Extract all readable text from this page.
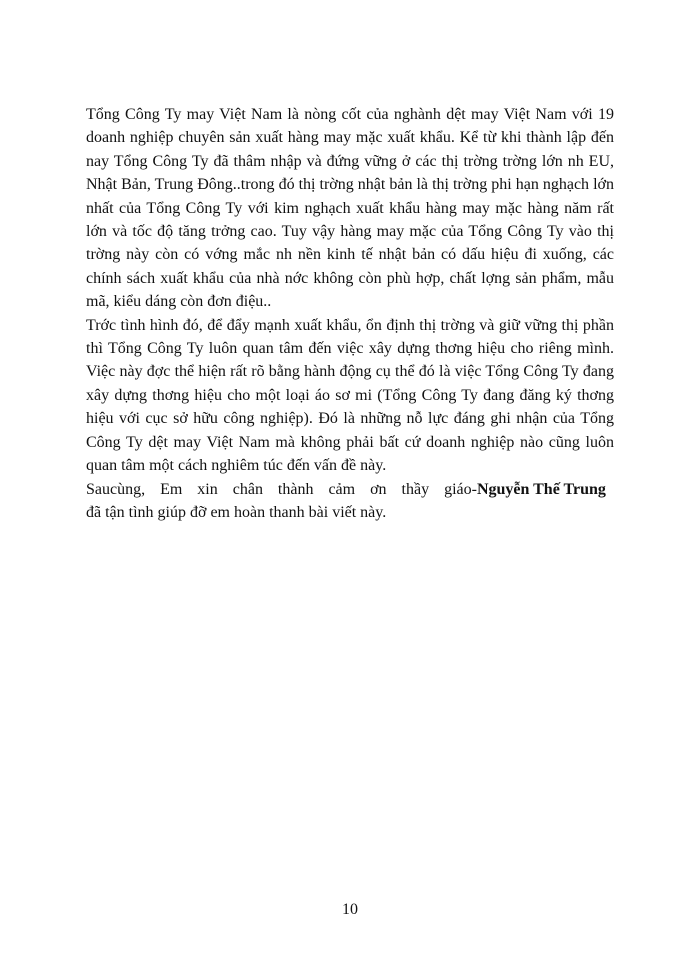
Tổng Công Ty may Việt Nam là nòng cốt của nghành dệt may Việt Nam với 19 doanh nghiệp chuyên sản xuất hàng may mặc xuất khẩu. Kể từ khi thành lập đến nay Tổng Công Ty đã thâm nhập và đứng vững ở các thị trờng trờng lớn nh EU, Nhật Bản, Trung Đông..trong đó thị trờng nhật bản là thị trờng phi hạn nghạch lớn nhất của Tổng Công Ty với kim nghạch xuất khẩu hàng may mặc hàng năm rất lớn và tốc độ tăng trởng cao. Tuy vậy hàng may mặc của Tổng Công Ty vào thị trờng này còn có vớng mắc nh nền kinh tế nhật bản có dấu hiệu đi xuống, các chính sách xuất khẩu của nhà nớc không còn phù hợp, chất lợng sản phẩm, mẫu mã, kiểu dáng còn đơn điệu..

Trớc tình hình đó, để đẩy mạnh xuất khẩu, ổn định thị trờng và giữ vững thị phần thì Tổng Công Ty luôn quan tâm đến việc xây dựng thơng hiệu cho riêng mình. Việc này đợc thể hiện rất rõ bằng hành động cụ thể đó là việc Tổng Công Ty đang xây dựng thơng hiệu cho một loại áo sơ mi (Tổng Công Ty đang đăng ký thơng hiệu với cục sở hữu công nghiệp). Đó là những nỗ lực đáng ghi nhận của Tổng Công Ty dệt may Việt Nam mà không phải bất cứ doanh nghiệp nào cũng luôn quan tâm một cách nghiêm túc đến vấn đề này.

Saucùng, Em xin chân thành cảm ơn thầy giáo-Nguyễn Thế Trung
đã tận tình giúp đỡ em hoàn thanh bài viết này.
10
